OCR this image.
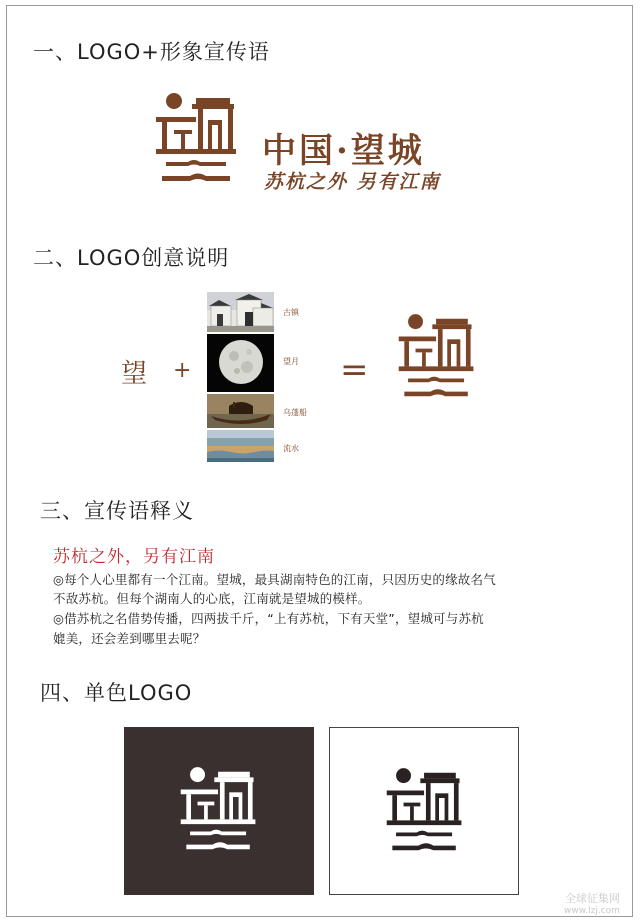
一、LOGO+形象宣传语
中国·望城
苏杭之外 另有江南
二、LOGO创意说明
望 +
古镇
望月
乌蓬船
流水
=
三、宣传语释义
苏杭之外，另有江南
◎每个人心里都有一个江南。望城，最具湖南特色的江南，只因历史的缘故名气
不敌苏杭。但每个湖南人的心底，江南就是望城的模样。
◎借苏杭之名借势传播，四两拔千斤，“上有苏杭，下有天堂”，望城可与苏杭
媲美，还会差到哪里去呢？
四、单色LOGO
全球征集网
www.lzj.com
